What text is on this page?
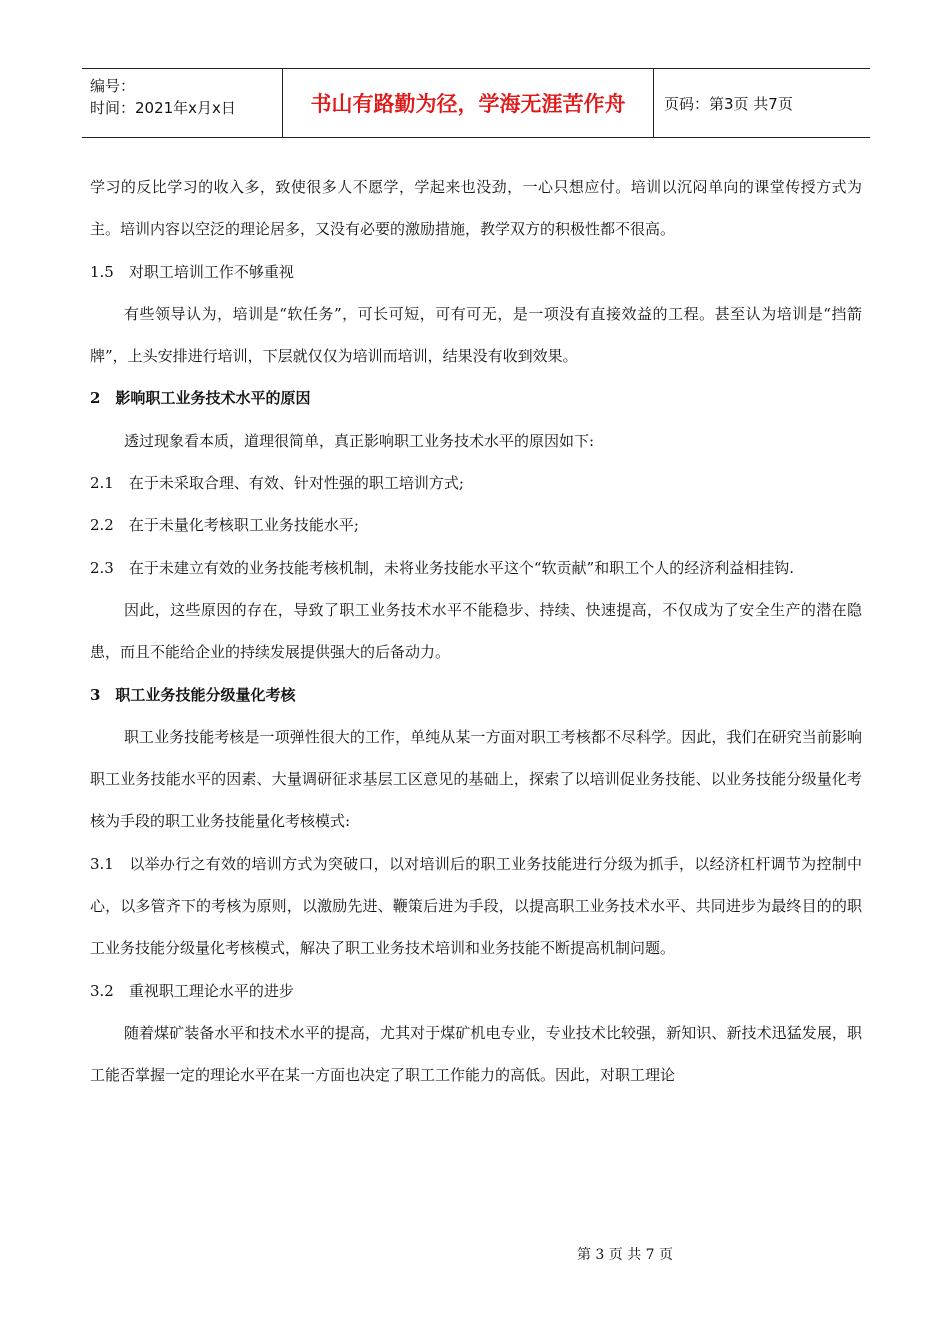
编号：
时间：2021年x月x日	书山有路勤为径，学海无涯苦作舟	页码：第3页 共7页

学习的反比学习的收入多，致使很多人不愿学，学起来也没劲，一心只想应付。培训以沉闷单向的课堂传授方式为主。培训内容以空泛的理论居多，又没有必要的激励措施，教学双方的积极性都不很高。

1.5　对职工培训工作不够重视

有些领导认为，培训是“软任务”，可长可短，可有可无，是一项没有直接效益的工程。甚至认为培训是“挡箭牌”，上头安排进行培训，下层就仅仅为培训而培训，结果没有收到效果。

2　影响职工业务技术水平的原因

透过现象看本质，道理很简单，真正影响职工业务技术水平的原因如下:

2.1　在于未采取合理、有效、针对性强的职工培训方式;

2.2　在于未量化考核职工业务技能水平;

2.3　在于未建立有效的业务技能考核机制，未将业务技能水平这个“软贡献”和职工个人的经济利益相挂钩.

因此，这些原因的存在，导致了职工业务技术水平不能稳步、持续、快速提高，不仅成为了安全生产的潜在隐患，而且不能给企业的持续发展提供强大的后备动力。

3　职工业务技能分级量化考核

职工业务技能考核是一项弹性很大的工作，单纯从某一方面对职工考核都不尽科学。因此，我们在研究当前影响职工业务技能水平的因素、大量调研征求基层工区意见的基础上，探索了以培训促业务技能、以业务技能分级量化考核为手段的职工业务技能量化考核模式:

3.1　以举办行之有效的培训方式为突破口，以对培训后的职工业务技能进行分级为抓手，以经济杠杆调节为控制中心，以多管齐下的考核为原则，以激励先进、鞭策后进为手段，以提高职工业务技术水平、共同进步为最终目的的职工业务技能分级量化考核模式，解决了职工业务技术培训和业务技能不断提高机制问题。

3.2　重视职工理论水平的进步

随着煤矿装备水平和技术水平的提高，尤其对于煤矿机电专业，专业技术比较强，新知识、新技术迅猛发展，职工能否掌握一定的理论水平在某一方面也决定了职工工作能力的高低。因此，对职工理论

第 3 页 共 7 页
